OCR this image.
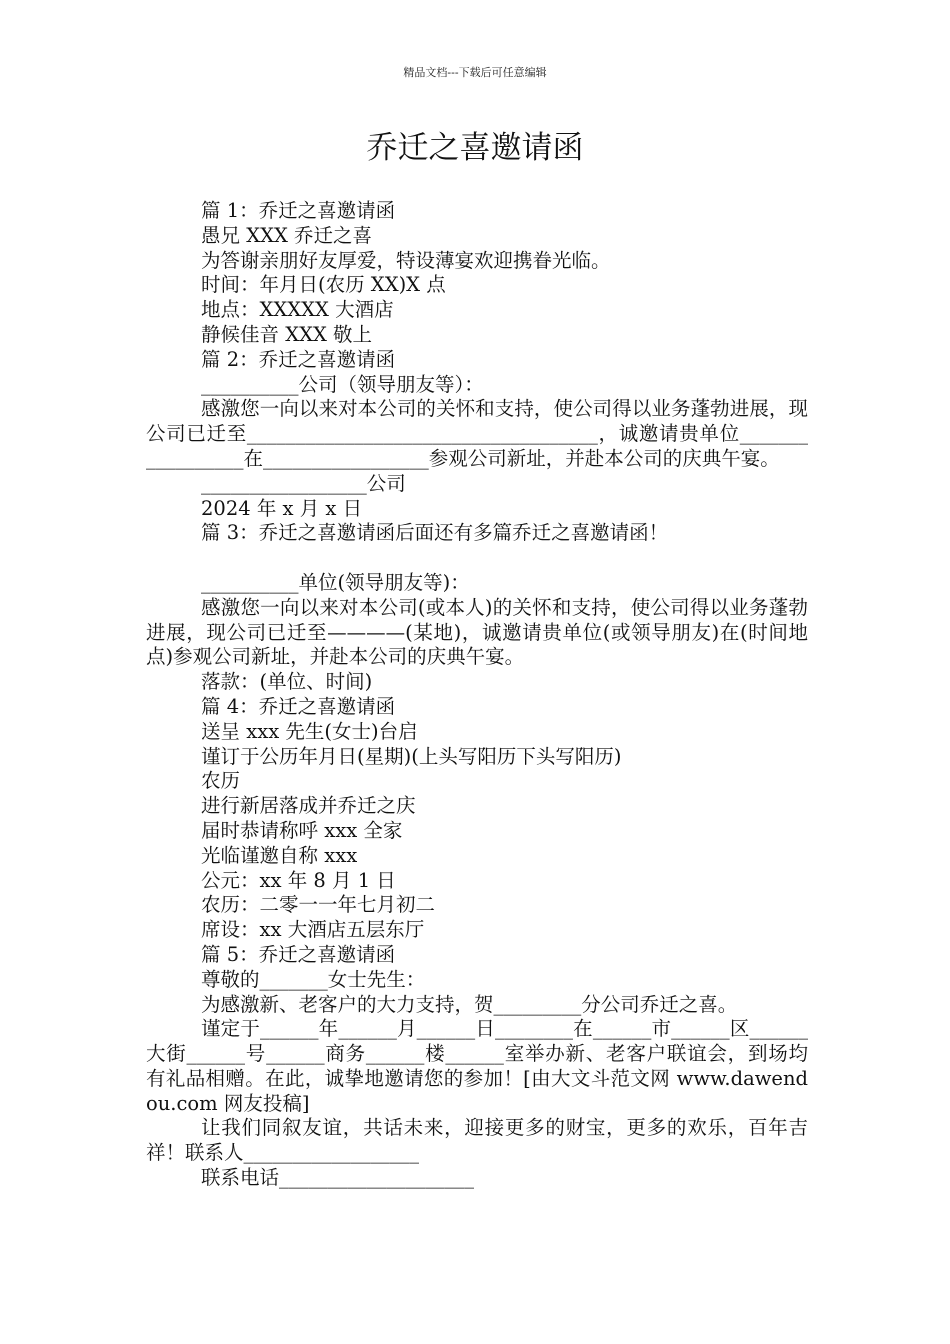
精品文档---下载后可任意编辑
乔迁之喜邀请函

篇 1：乔迁之喜邀请函

愚兄 XXX 乔迁之喜

为答谢亲朋好友厚爱，特设薄宴欢迎携眷光临。

时间：年月日(农历 XX)X 点

地点：XXXXX 大酒店

静候佳音 XXX 敬上

篇 2：乔迁之喜邀请函

__________公司（领导朋友等）：

感激您一向以来对本公司的关怀和支持，使公司得以业务蓬勃进展，现公司已迁至____________________________________，诚邀请贵单位_________________在_________________参观公司新址，并赴本公司的庆典午宴。

_________________公司

2024 年 x 月 x 日

篇 3：乔迁之喜邀请函后面还有多篇乔迁之喜邀请函！

__________单位(领导朋友等)：

感激您一向以来对本公司(或本人)的关怀和支持，使公司得以业务蓬勃进展，现公司已迁至————(某地)，诚邀请贵单位(或领导朋友)在(时间地点)参观公司新址，并赴本公司的庆典午宴。

落款：(单位、时间)

篇 4：乔迁之喜邀请函

送呈 xxx 先生(女士)台启

谨订于公历年月日(星期)(上头写阳历下头写阳历)

农历

进行新居落成并乔迁之庆

届时恭请称呼 xxx 全家

光临谨邀自称 xxx

公元：xx 年 8 月 1 日

农历：二零一一年七月初二

席设：xx 大酒店五层东厅

篇 5：乔迁之喜邀请函

尊敬的_______女士先生：

为感激新、老客户的大力支持，贺_________分公司乔迁之喜。

谨定于______年______月______日________在______市______区______大街______号______商务______楼______室举办新、老客户联谊会，到场均有礼品相赠。在此，诚挚地邀请您的参加！[由大文斗范文网 www.dawendou.com 网友投稿]

让我们同叙友谊，共话未来，迎接更多的财宝，更多的欢乐，百年吉祥！联系人__________________

联系电话____________________
